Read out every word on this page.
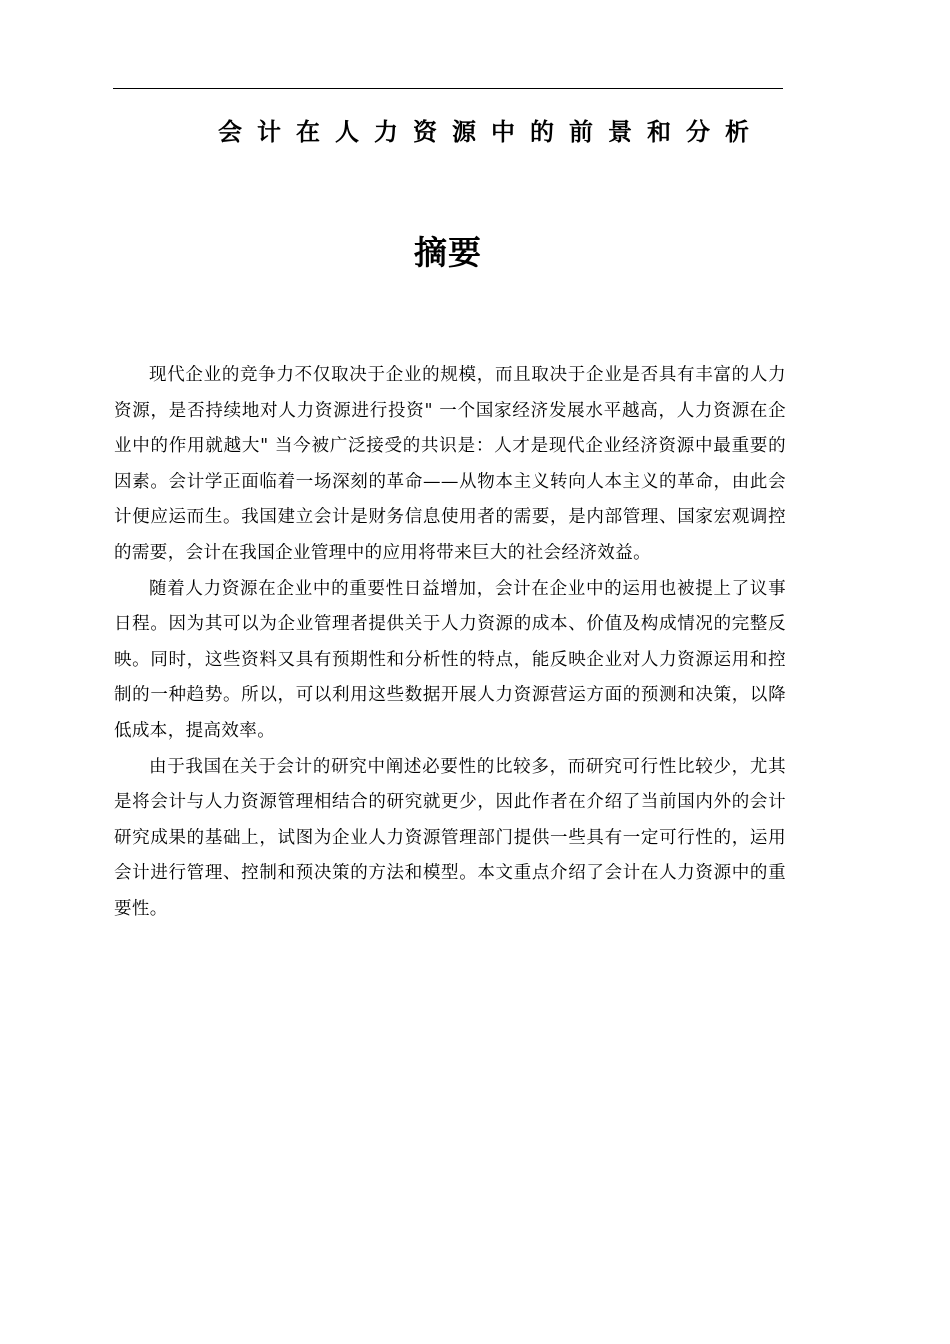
会计在人力资源中的前景和分析
摘要

现代企业的竞争力不仅取决于企业的规模，而且取决于企业是否具有丰富的人力资源，是否持续地对人力资源进行投资" 一个国家经济发展水平越高，人力资源在企业中的作用就越大" 当今被广泛接受的共识是：人才是现代企业经济资源中最重要的因素。会计学正面临着一场深刻的革命——从物本主义转向人本主义的革命，由此会计便应运而生。我国建立会计是财务信息使用者的需要，是内部管理、国家宏观调控的需要，会计在我国企业管理中的应用将带来巨大的社会经济效益。

随着人力资源在企业中的重要性日益增加，会计在企业中的运用也被提上了议事日程。因为其可以为企业管理者提供关于人力资源的成本、价值及构成情况的完整反映。同时，这些资料又具有预期性和分析性的特点，能反映企业对人力资源运用和控制的一种趋势。所以，可以利用这些数据开展人力资源营运方面的预测和决策，以降低成本，提高效率。

由于我国在关于会计的研究中阐述必要性的比较多，而研究可行性比较少，尤其是将会计与人力资源管理相结合的研究就更少，因此作者在介绍了当前国内外的会计研究成果的基础上，试图为企业人力资源管理部门提供一些具有一定可行性的，运用会计进行管理、控制和预决策的方法和模型。本文重点介绍了会计在人力资源中的重要性。
